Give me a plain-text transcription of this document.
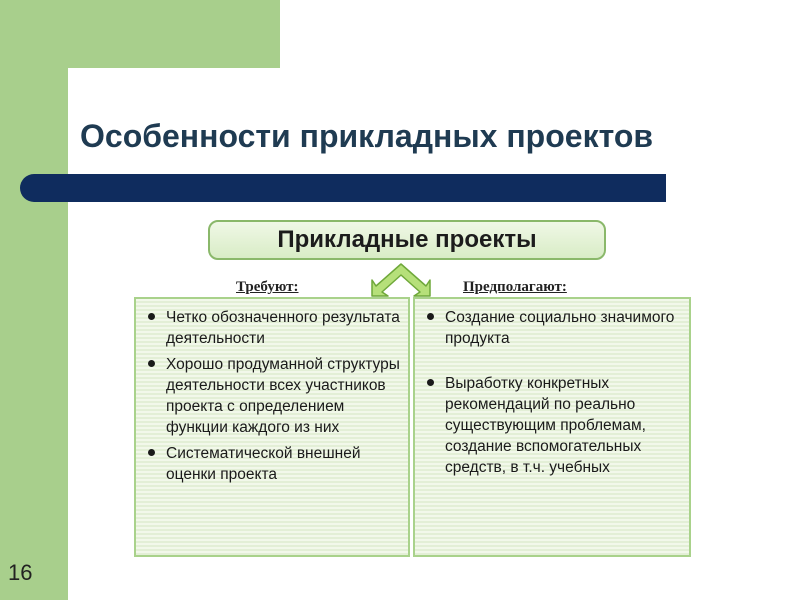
Особенности прикладных проектов
Прикладные проекты
Требуют:	Предполагают:
Четко обозначенного результата деятельности
Хорошо продуманной структуры деятельности всех участников проекта с определением функции каждого из них
Систематической внешней оценки проекта
Создание социально значимого продукта
Выработку конкретных рекомендаций по реально существующим проблемам, создание вспомогательных средств, в т.ч. учебных
16
